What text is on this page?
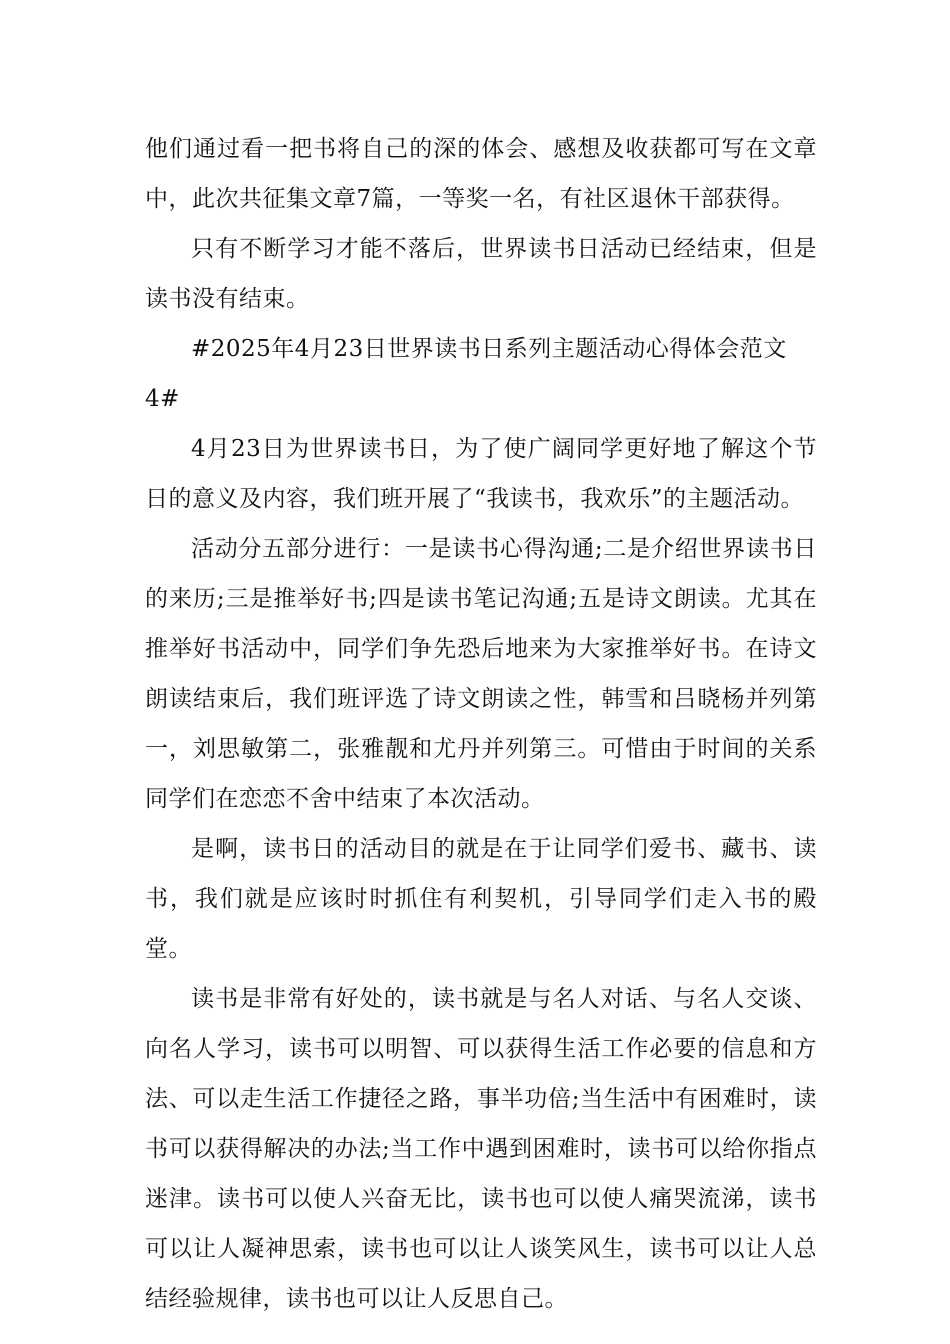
他们通过看一把书将自己的深的体会、感想及收获都可写在文章中，此次共征集文章7篇，一等奖一名，有社区退休干部获得。

只有不断学习才能不落后，世界读书日活动已经结束，但是读书没有结束。

#2025年4月23日世界读书日系列主题活动心得体会范文4#

4月23日为世界读书日，为了使广阔同学更好地了解这个节日的意义及内容，我们班开展了“我读书，我欢乐”的主题活动。

活动分五部分进行：一是读书心得沟通;二是介绍世界读书日的来历;三是推举好书;四是读书笔记沟通;五是诗文朗读。尤其在推举好书活动中，同学们争先恐后地来为大家推举好书。在诗文朗读结束后，我们班评选了诗文朗读之性，韩雪和吕晓杨并列第一，刘思敏第二，张雅靓和尤丹并列第三。可惜由于时间的关系同学们在恋恋不舍中结束了本次活动。

是啊，读书日的活动目的就是在于让同学们爱书、藏书、读书，我们就是应该时时抓住有利契机，引导同学们走入书的殿堂。

读书是非常有好处的，读书就是与名人对话、与名人交谈、向名人学习，读书可以明智、可以获得生活工作必要的信息和方法、可以走生活工作捷径之路，事半功倍;当生活中有困难时，读书可以获得解决的办法;当工作中遇到困难时，读书可以给你指点迷津。读书可以使人兴奋无比，读书也可以使人痛哭流涕，读书可以让人凝神思索，读书也可以让人谈笑风生，读书可以让人总结经验规律，读书也可以让人反思自己。
